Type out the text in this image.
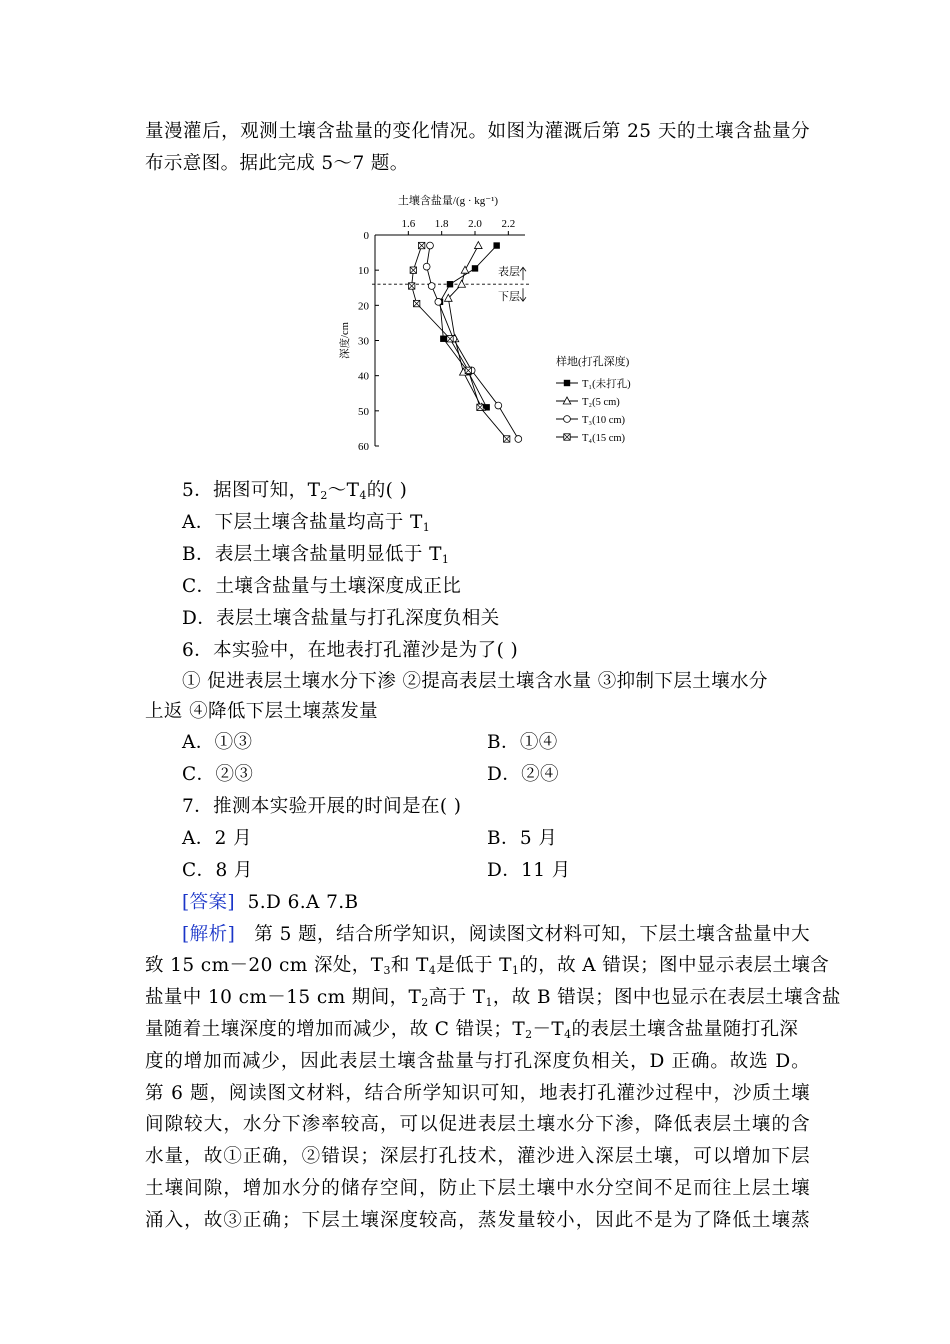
量漫灌后，观测土壤含盐量的变化情况。如图为灌溉后第 25 天的土壤含盐量分
布示意图。据此完成 5～7 题。
土壤含盐量/(g · kg⁻¹)
1.6 1.8 2.0 2.2
0
10
20
30
40
50
60
深度/cm
表层
下层
样地(打孔深度)
T₁(未打孔)
T₂(5 cm)
T₃(10 cm)
T₄(15 cm)
5．据图可知，$T_2\sim T_4$的( )
A．下层土壤含盐量均高于 $T_1$
B．表层土壤含盐量明显低于 $T_1$
C．土壤含盐量与土壤深度成正比
D．表层土壤含盐量与打孔深度负相关
6．本实验中，在地表打孔灌沙是为了( )
① 促进表层土壤水分下渗 ②提高表层土壤含水量 ③抑制下层土壤水分
上返 ④降低下层土壤蒸发量
A．①③	B．①④
C．②③	D．②④
7．推测本实验开展的时间是在( )
A．2 月	B．5 月
C．8 月	D．11 月
[答案] 5.D 6.A 7.B
[解析] 第 5 题，结合所学知识，阅读图文材料可知，下层土壤含盐量中大
致 15 cm－20 cm 深处，$T_3$和 $T_4$是低于 $T_1$的，故 A 错误；图中显示表层土壤含
盐量中 10 cm－15 cm 期间，$T_2$高于 $T_1$，故 B 错误；图中也显示在表层土壤含盐
量随着土壤深度的增加而减少，故 C 错误；$T_2-T_4$的表层土壤含盐量随打孔深
度的增加而减少，因此表层土壤含盐量与打孔深度负相关，D 正确。故选 D。
第 6 题，阅读图文材料，结合所学知识可知，地表打孔灌沙过程中，沙质土壤
间隙较大，水分下渗率较高，可以促进表层土壤水分下渗，降低表层土壤的含
水量，故①正确，②错误；深层打孔技术，灌沙进入深层土壤，可以增加下层
土壤间隙，增加水分的储存空间，防止下层土壤中水分空间不足而往上层土壤
涌入，故③正确；下层土壤深度较高，蒸发量较小，因此不是为了降低土壤蒸
